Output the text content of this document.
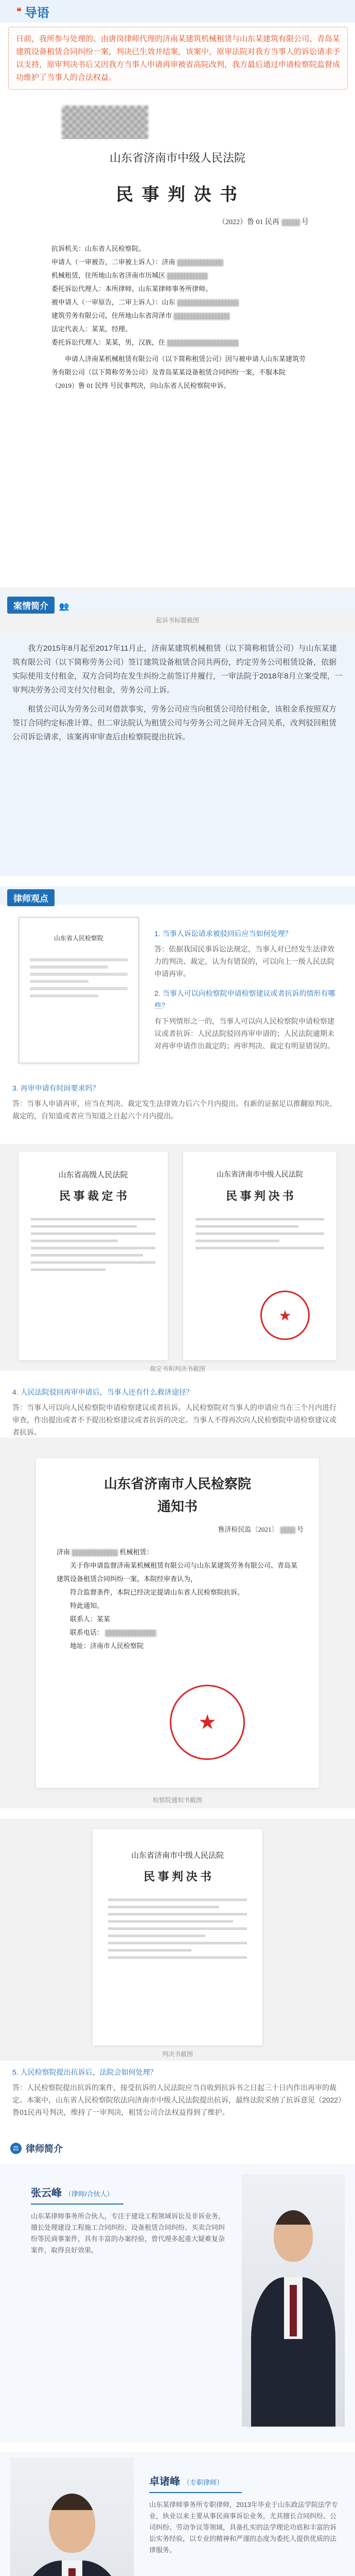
❝ 导语
日前，我所参与处理的、由唐岗律师代理的济南某建筑机械租赁与山东某建筑有限公司、青岛某建筑设备租赁合同纠纷一案，判决已生效并结案，该案中，原审法院对我方当事人的诉讼请求予以支持，原审判决书后又因我方当事人申请再审被省高院改判，我方最后通过申请检察院监督成功维护了当事人的合法权益。
山东省济南市中级人民法院
民 事 判 决 书
（2022）鲁 01 民再	号
抗诉机关：山东省人民检察院。
申请人（一审被告，二审被上诉人）：济南
机械租赁，住所地山东省济南市历城区
委托诉讼代理人：本所律师，山东某律师事务所律师。
被申请人（一审原告，二审上诉人）：山东
建筑劳务有限公司，住所地山东省菏泽市
法定代表人：某某，经理。
委托诉讼代理人：某某，男，汉族，住
申请人济南某机械租赁有限公司（以下简称租赁公司）因与被申请人山东某建筑劳务有限公司（以下简称劳务公司）及青岛某某设备租赁合同纠纷一案，不服本院（2019）鲁 01 民终 号民事判决，向山东省人民检察院申诉。
起诉书标题截图
案情简介 👥

我方2015年8月起至2017年11月止，济南某建筑机械租赁（以下简称租赁公司）与山东某建筑有限公司（以下简称劳务公司）签订建筑设备租赁合同共两份，约定劳务公司租赁设备，依据实际使用支付租金，双方合同均在发生纠纷之前签订并履行，一审法院于2018年8月立案受理，一审判决劳务公司支付欠付租金，劳务公司上诉。

租赁公司认为劳务公司对借款事实，劳务公司应当向租赁公司给付租金，该租金系按照双方签订合同约定标准计算。但二审法院认为租赁公司与劳务公司之间并无合同关系，改判驳回租赁公司诉讼请求，该案再审审查后由检察院提出抗诉。

律师观点
山东省人民检察院
1. 当事人诉讼请求被驳回后应当如何处理？
答：依据我国民事诉讼法规定，当事人对已经发生法律效力的判决、裁定，认为有错误的，可以向上一级人民法院申请再审。
2. 当事人可以向检察院申请检察建议或者抗诉的情形有哪些？
有下列情形之一的，当事人可以向人民检察院申请检察建议或者抗诉：人民法院驳回再审申请的；人民法院逾期未对再审申请作出裁定的；再审判决、裁定有明显错误的。
3. 再审申请有时间要求吗？
答：当事人申请再审，应当在判决、裁定发生法律效力后六个月内提出。有新的证据足以推翻原判决、裁定的，自知道或者应当知道之日起六个月内提出。
山东省高级人民法院
民 事 裁 定 书
山东省济南市中级人民法院
民 事 判 决 书
★
裁定书和判决书截图
4. 人民法院驳回再审申请后，当事人还有什么救济途径？
答：当事人可以向人民检察院申请检察建议或者抗诉。人民检察院对当事人的申请应当在三个月内进行审查，作出提出或者不予提出检察建议或者抗诉的决定。当事人不得再次向人民检察院申请检察建议或者抗诉。
山东省济南市人民检察院
通知书
鲁济检民监〔2021〕	号
济南	机械租赁：
关于你申请监督济南某机械租赁有限公司与山东某建筑劳务有限公司、青岛某建筑设备租赁合同纠纷一案，本院经审查认为，
符合监督条件，本院已经决定提请山东省人民检察院抗诉。
特此通知。
联系人：某某
联系电话：
地址：济南市人民检察院
★
检察院通知书截图
山东省济南市中级人民法院
民 事 判 决 书
判决书截图
5. 人民检察院提出抗诉后，法院会如何处理？
答：人民检察院提出抗诉的案件，接受抗诉的人民法院应当自收到抗诉书之日起三十日内作出再审的裁定。本案中，山东省人民检察院依法向济南市中级人民法院提出抗诉，最终法院采纳了抗诉意见（2022）鲁01民再号判决，维持了一审判决，租赁公司合法权益得到了维护。
⚖ 律师简介
张云峰 （律师/合伙人）
山东某律师事务所合伙人，专注于建设工程领域诉讼及非诉业务，擅长处理建设工程施工合同纠纷、设备租赁合同纠纷、买卖合同纠纷等民商事案件，具有丰富的办案经验，曾代理多起重大疑难复杂案件，取得良好效果。
卓诸峰 （专职律师）
山东某律师事务所专职律师，2013年毕业于山东政法学院法学专业，执业以来主要从事民商事诉讼业务，尤其擅长合同纠纷、公司纠纷、劳动争议等领域，具备扎实的法学理论功底和丰富的诉讼实务经验，以专业的精神和严谨的态度为委托人提供优质的法律服务。
